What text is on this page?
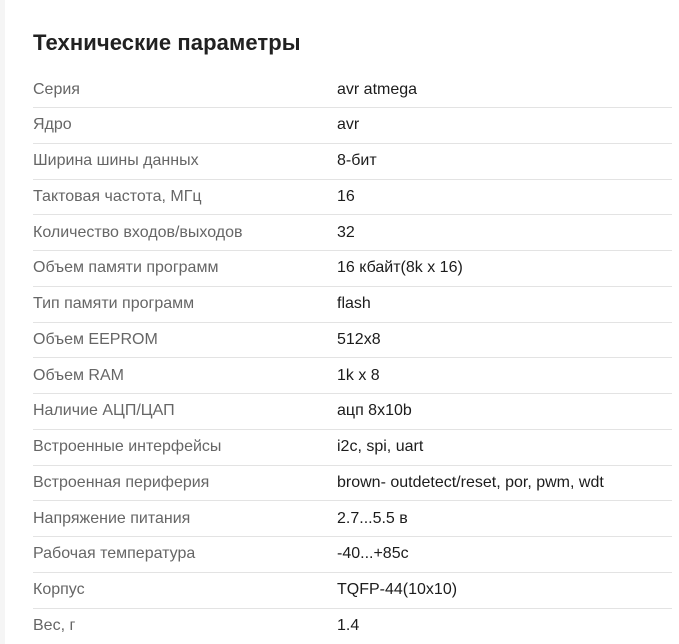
Технические параметры
Серия	avr atmega
Ядро	avr
Ширина шины данных	8-бит
Тактовая частота, МГц	16
Количество входов/выходов	32
Объем памяти программ	16 кбайт(8k x 16)
Тип памяти программ	flash
Объем EEPROM	512x8
Объем RAM	1k x 8
Наличие АЦП/ЦАП	ацп 8x10b
Встроенные интерфейсы	i2c, spi, uart
Встроенная периферия	brown- outdetect/reset, por, pwm, wdt
Напряжение питания	2.7...5.5 в
Рабочая температура	-40...+85c
Корпус	TQFP-44(10x10)
Вес, г	1.4
